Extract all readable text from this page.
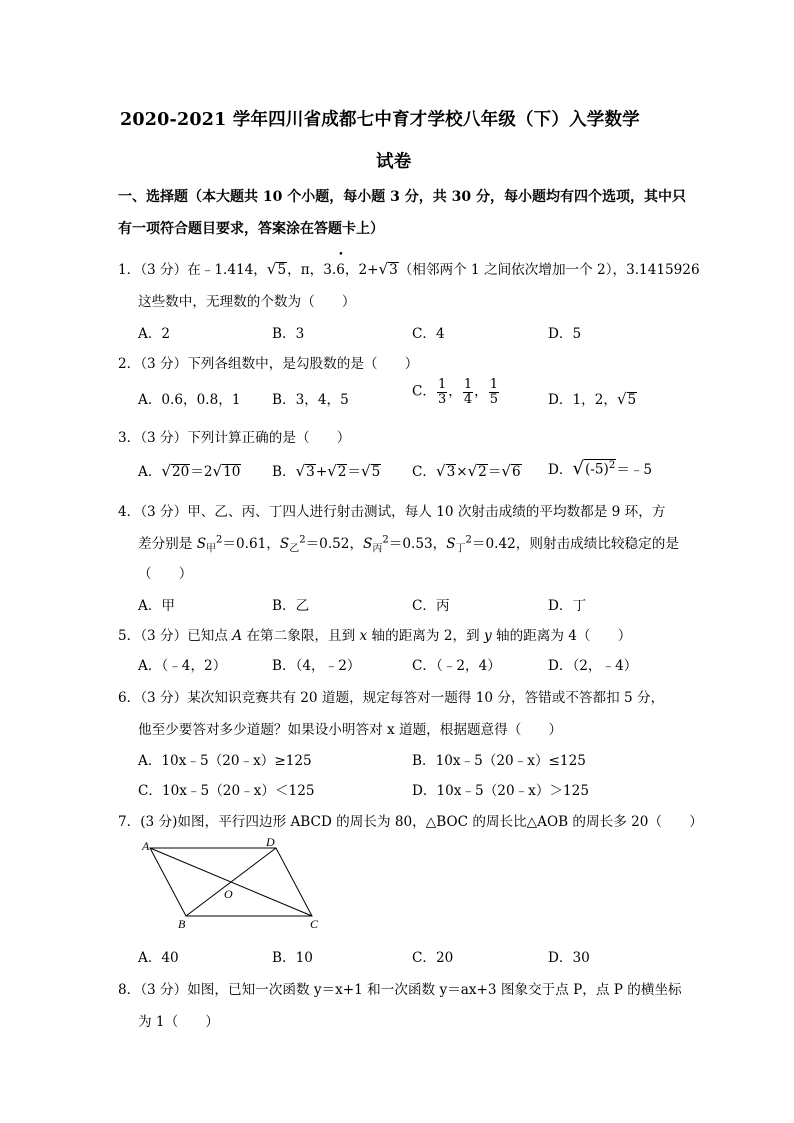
2020-2021 学年四川省成都七中育才学校八年级（下）入学数学
试卷
一、选择题（本大题共 10 个小题，每小题 3 分，共 30 分，每小题均有四个选项，其中只
有一项符合题目要求，答案涂在答题卡上）
1．（3 分）在﹣1.414，√5，π，3.• 6，2+√3（相邻两个 1 之间依次增加一个 2），3.1415926
这些数中，无理数的个数为（　　）
A．2	B．3	C．4	D．5
2．（3 分）下列各组数中，是勾股数的是（　　）
A．0.6，0.8，1 B．3，4，5
C． $\frac{1}{3}$ ， $\frac{1}{4}$ ， $\frac{1}{5}$	D．1，2，√5
3．（3 分）下列计算正确的是（　　）
A．√20＝2√10 B．√3+√2＝√5 C．√3×√2＝√6 D．$√(-5)^2=﹣5$
4．（3 分）甲、乙、丙、丁四人进行射击测试，每人 10 次射击成绩的平均数都是 9 环，方
差分别是 $S_甲^2=0.61$，$S_乙^2=0.52$，$S_丙^2=0.53$，$S_丁^2=0.42$，则射击成绩比较稳定的是
（　　）
A．甲	B．乙	C．丙	D．丁
5．（3 分）已知点 A 在第二象限，且到 x 轴的距离为 2，到 y 轴的距离为 4（　　）
A．（﹣4，2）	B．（4，﹣2）	C．（﹣2，4）	D．（2，﹣4）
6．（3 分）某次知识竞赛共有 20 道题，规定每答对一题得 10 分，答错或不答都扣 5 分，
他至少要答对多少道题？如果设小明答对 x 道题，根据题意得（　　）
A．10x﹣5（20﹣x）≥125	B．10x﹣5（20﹣x）≤125
C．10x﹣5（20﹣x）＜125	D．10x﹣5（20﹣x）＞125
7．(3 分)如图，平行四边形 ABCD 的周长为 80，△BOC 的周长比△AOB 的周长多 20（　　）
A	D
B	C
O
A．40	B．10	C．20	D．30
8．（3 分）如图，已知一次函数 y＝x+1 和一次函数 y＝ax+3 图象交于点 P，点 P 的横坐标
为 1（　　）
